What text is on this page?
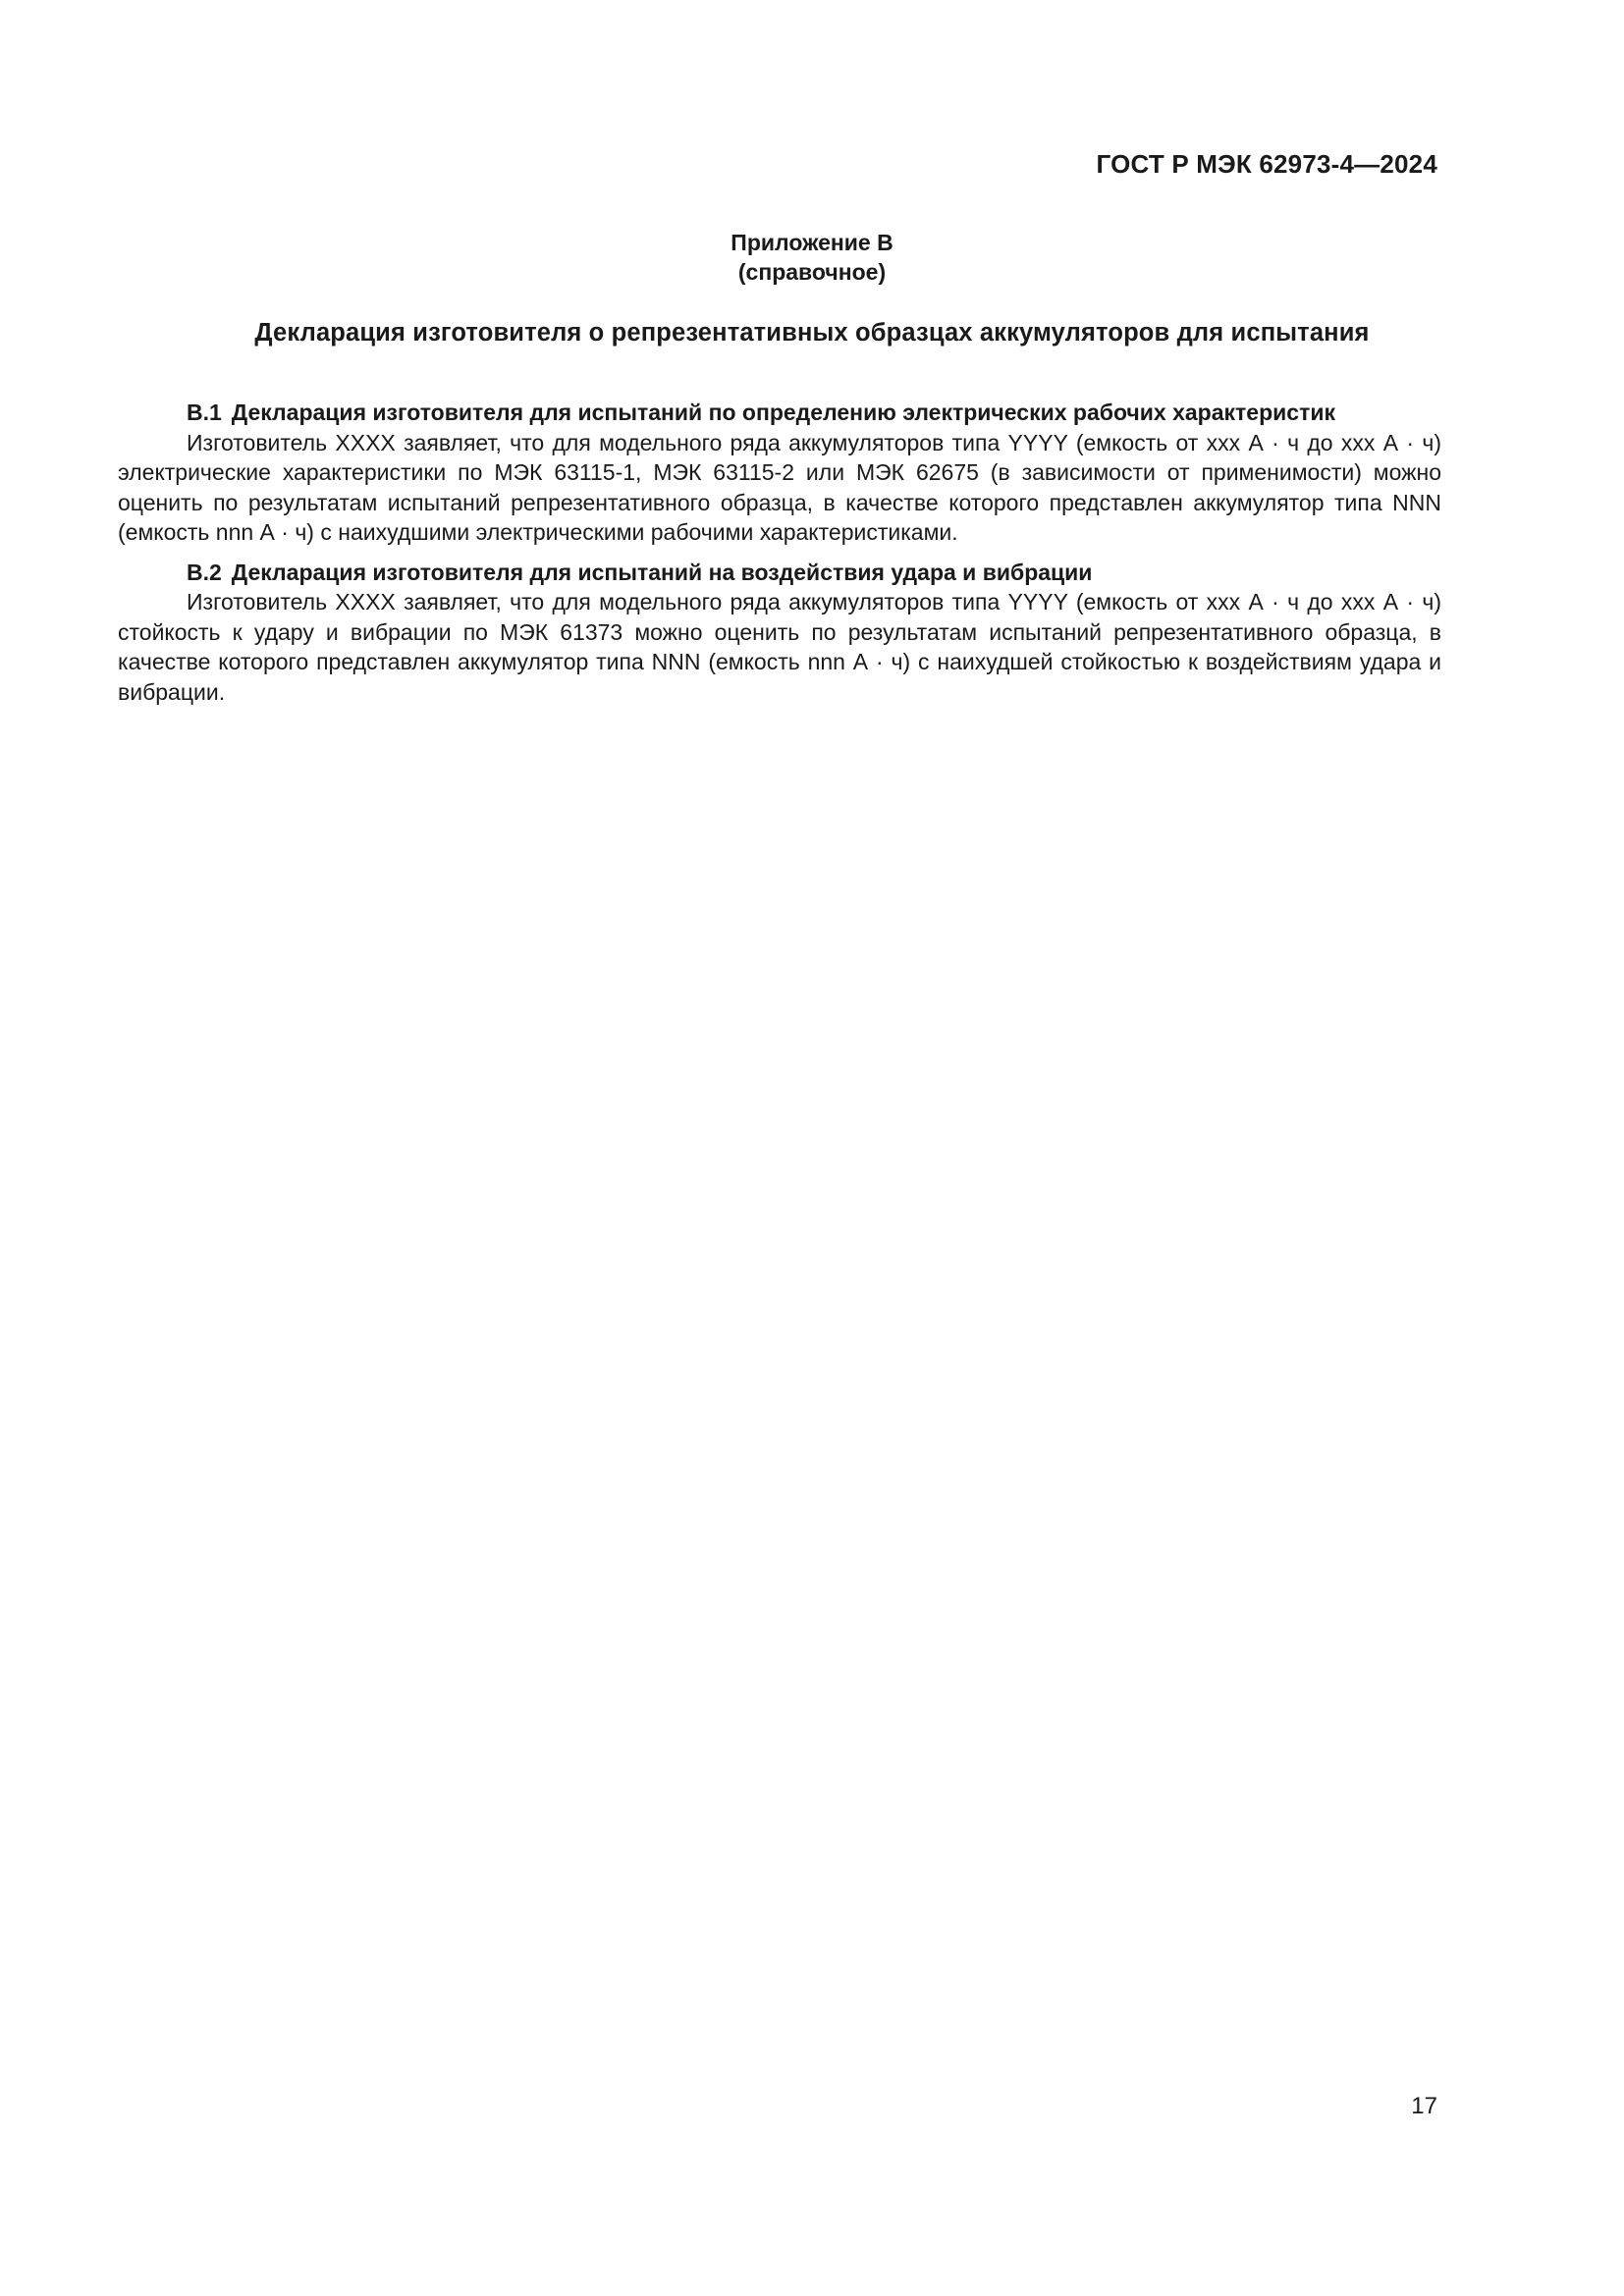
ГОСТ Р МЭК 62973-4—2024
Приложение В
(справочное)
Декларация изготовителя о репрезентативных образцах аккумуляторов для испытания

В.1 Декларация изготовителя для испытаний по определению электрических рабочих характеристик

Изготовитель XXXX заявляет, что для модельного ряда аккумуляторов типа YYYY (емкость от ххх А · ч до ххх А · ч) электрические характеристики по МЭК 63115-1, МЭК 63115-2 или МЭК 62675 (в зависимости от применимости) можно оценить по результатам испытаний репрезентативного образца, в качестве которого представлен аккумулятор типа NNN (емкость nnn А · ч) с наихудшими электрическими рабочими характеристиками.

В.2 Декларация изготовителя для испытаний на воздействия удара и вибрации

Изготовитель XXXX заявляет, что для модельного ряда аккумуляторов типа YYYY (емкость от ххх А · ч до ххх А · ч) стойкость к удару и вибрации по МЭК 61373 можно оценить по результатам испытаний репрезентативного образца, в качестве которого представлен аккумулятор типа NNN (емкость nnn А · ч) с наихудшей стойкостью к воздействиям удара и вибрации.

17
